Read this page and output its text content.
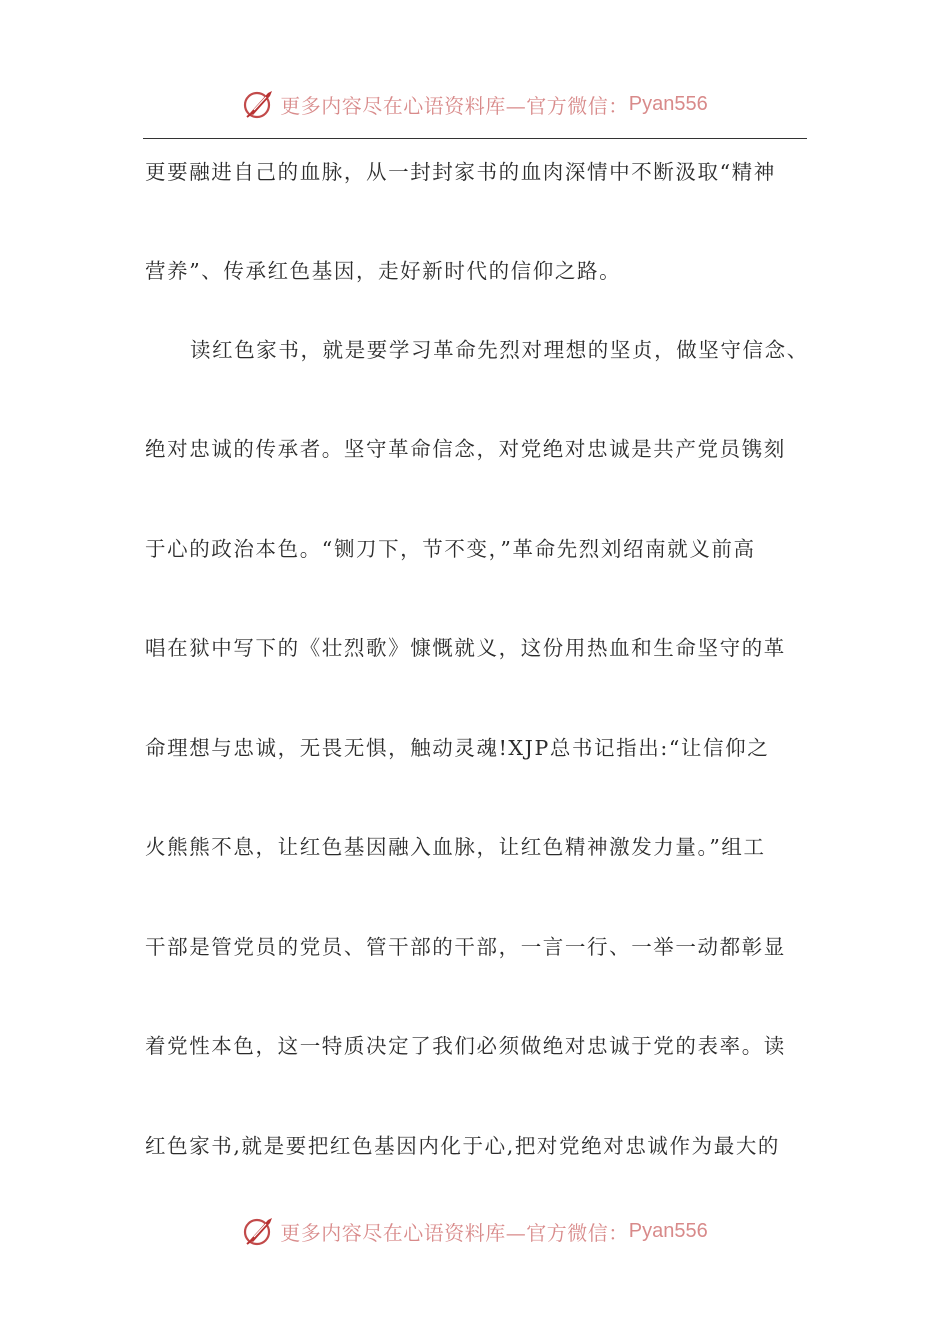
更多内容尽在心语资料库—官方微信： Pyan556
更要融进自己的血脉，从一封封家书的血肉深情中不断汲取“精神
营养”、传承红色基因，走好新时代的信仰之路。
读红色家书，就是要学习革命先烈对理想的坚贞，做坚守信念、
绝对忠诚的传承者。坚守革命信念，对党绝对忠诚是共产党员镌刻
于心的政治本色。“铡刀下，节不变，”革命先烈刘绍南就义前高
唱在狱中写下的《壮烈歌》慷慨就义，这份用热血和生命坚守的革
命理想与忠诚，无畏无惧，触动灵魂!XJP总书记指出:“让信仰之
火熊熊不息，让红色基因融入血脉，让红色精神激发力量。”组工
干部是管党员的党员、管干部的干部，一言一行、一举一动都彰显
着党性本色，这一特质决定了我们必须做绝对忠诚于党的表率。读
红色家书,就是要把红色基因内化于心,把对党绝对忠诚作为最大的
更多内容尽在心语资料库—官方微信： Pyan556
